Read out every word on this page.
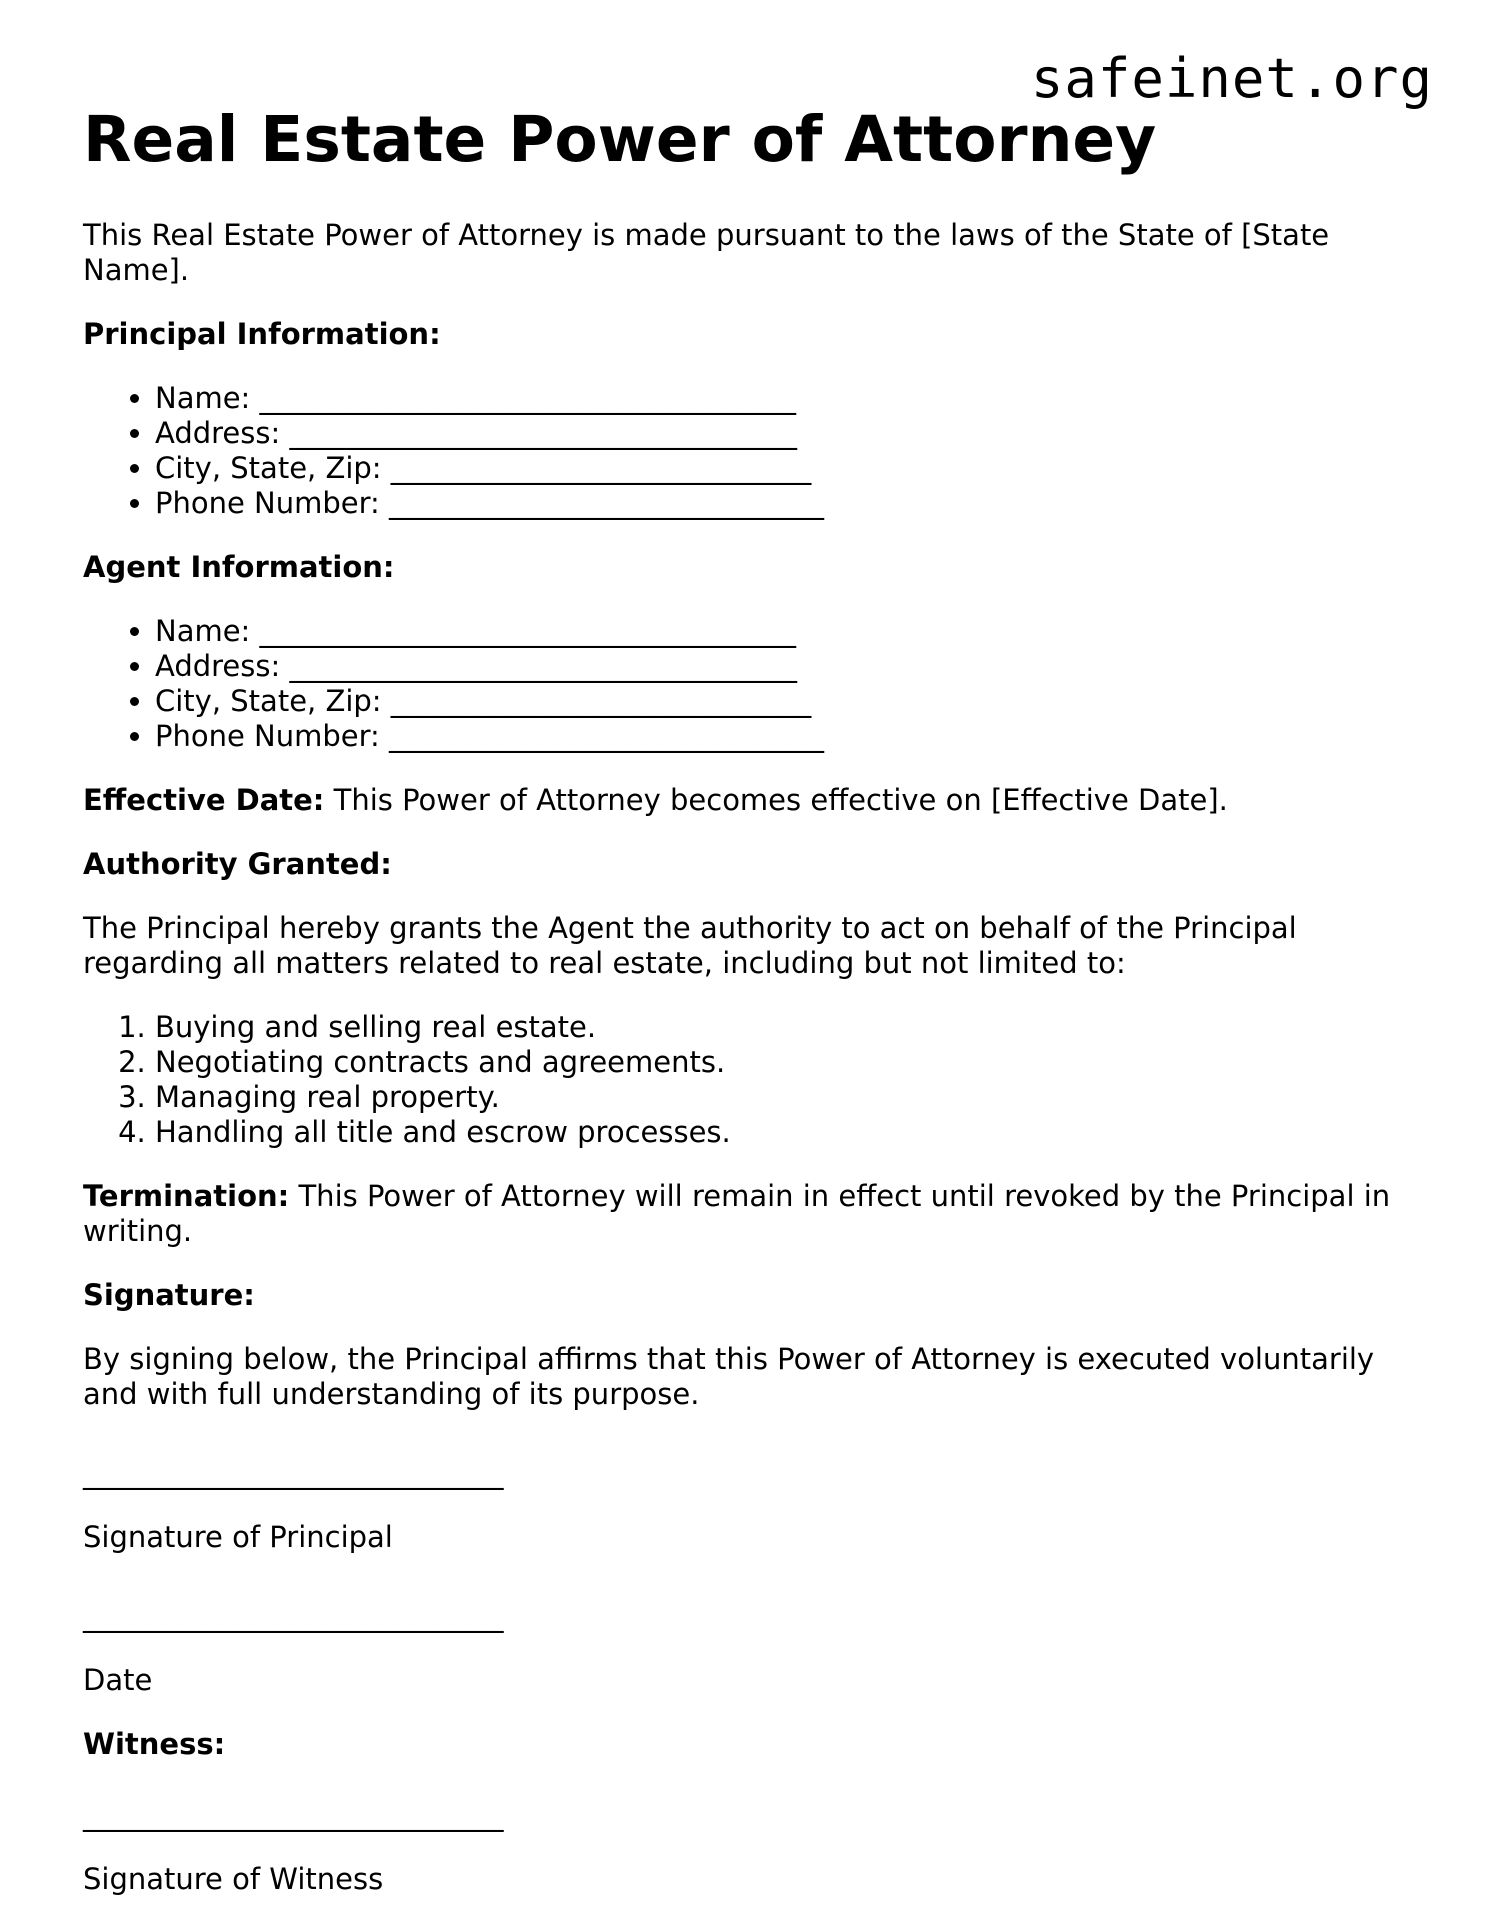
safeinet.org
Real Estate Power of Attorney

This Real Estate Power of Attorney is made pursuant to the laws of the State of [State Name].

Principal Information:

• Name: _____________________________________
• Address: ___________________________________
• City, State, Zip: _____________________________
• Phone Number: ______________________________

Agent Information:

• Name: _____________________________________
• Address: ___________________________________
• City, State, Zip: _____________________________
• Phone Number: ______________________________

Effective Date: This Power of Attorney becomes effective on [Effective Date].

Authority Granted:

The Principal hereby grants the Agent the authority to act on behalf of the Principal regarding all matters related to real estate, including but not limited to:

1. Buying and selling real estate.
2. Negotiating contracts and agreements.
3. Managing real property.
4. Handling all title and escrow processes.

Termination: This Power of Attorney will remain in effect until revoked by the Principal in writing.

Signature:

By signing below, the Principal affirms that this Power of Attorney is executed voluntarily and with full understanding of its purpose.

_____________________________

Signature of Principal

_____________________________

Date

Witness:

_____________________________

Signature of Witness
